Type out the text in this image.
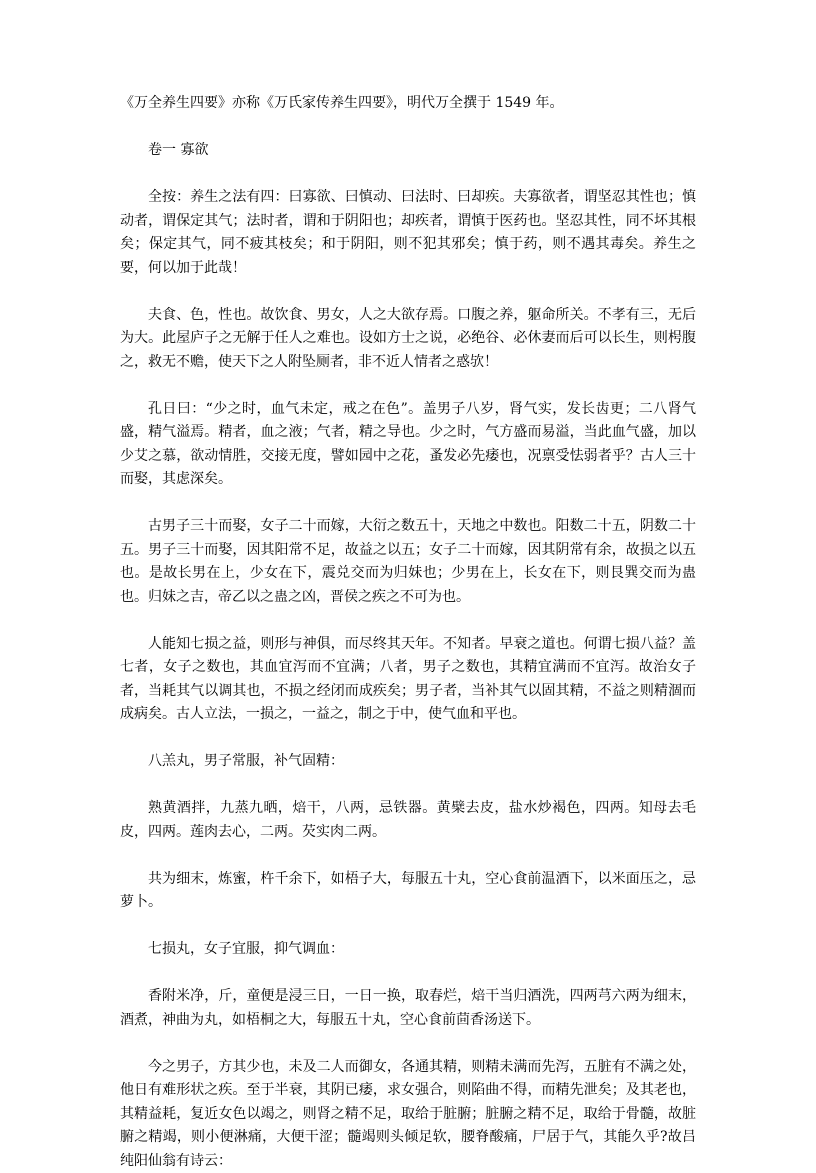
《万全养生四要》亦称《万氏家传养生四要》，明代万全撰于 1549 年。

卷一 寡欲

全按：养生之法有四：曰寡欲、曰慎动、曰法时、曰却疾。夫寡欲者，谓坚忍其性也；慎动者，谓保定其气；法时者，谓和于阴阳也；却疾者，谓慎于医药也。坚忍其性，同不坏其根矣；保定其气，同不疲其枝矣；和于阴阳，则不犯其邪矣；慎于药，则不遇其毒矣。养生之要，何以加于此哉！

夫食、色，性也。故饮食、男女，人之大欲存焉。口腹之养，躯命所关。不孝有三，无后为大。此屋庐子之无解于任人之难也。设如方士之说，必绝谷、必休妻而后可以长生，则枵腹之，救无不赡，使天下之人附坠厕者，非不近人情者之惑欤！

孔日曰：“少之时，血气未定，戒之在色”。盖男子八岁，肾气实，发长齿更；二八肾气盛，精气溢焉。精者，血之液；气者，精之导也。少之时，气方盛而易溢，当此血气盛，加以少艾之慕，欲动情胜，交接无度，譬如园中之花，蚤发必先痿也，况禀受怯弱者乎？古人三十而娶，其虑深矣。

古男子三十而娶，女子二十而嫁，大衍之数五十，天地之中数也。阳数二十五，阴数二十五。男子三十而娶，因其阳常不足，故益之以五；女子二十而嫁，因其阴常有余，故损之以五也。是故长男在上，少女在下，震兑交而为归妹也；少男在上，长女在下，则艮巽交而为蛊也。归妹之吉，帝乙以之蛊之凶，晋侯之疾之不可为也。

人能知七损之益，则形与神俱，而尽终其天年。不知者。早衰之道也。何谓七损八益？盖七者，女子之数也，其血宜泻而不宜满；八者，男子之数也，其精宜满而不宜泻。故治女子者，当耗其气以调其也，不损之经闭而成疾矣；男子者，当补其气以固其精，不益之则精涸而成病矣。古人立法，一损之，一益之，制之于中，使气血和平也。

八羔丸，男子常服，补气固精：

熟黄酒拌，九蒸九晒，焙干，八两，忌铁器。黄檗去皮，盐水炒褐色，四两。知母去毛皮，四两。莲肉去心，二两。芡实肉二两。

共为细末，炼蜜，杵千余下，如梧子大，每服五十丸，空心食前温酒下，以米面压之，忌萝卜。

七损丸，女子宜服，抑气调血：

香附米净，斤，童便是浸三日，一日一换，取春烂，焙干当归酒洗，四两芎六两为细末，酒煮，神曲为丸，如梧桐之大，每服五十丸，空心食前茴香汤送下。

今之男子，方其少也，未及二人而御女，各通其精，则精未满而先泻，五脏有不满之处，他日有难形状之疾。至于半衰，其阴已痿，求女强合，则陷曲不得，而精先泄矣；及其老也，其精益耗，复近女色以竭之，则肾之精不足，取给于脏腑；脏腑之精不足，取给于骨髓，故脏腑之精竭，则小便淋痛，大便干涩；髓竭则头倾足软，腰脊酸痛，尸居于气，其能久乎?故吕纯阳仙翁有诗云：
